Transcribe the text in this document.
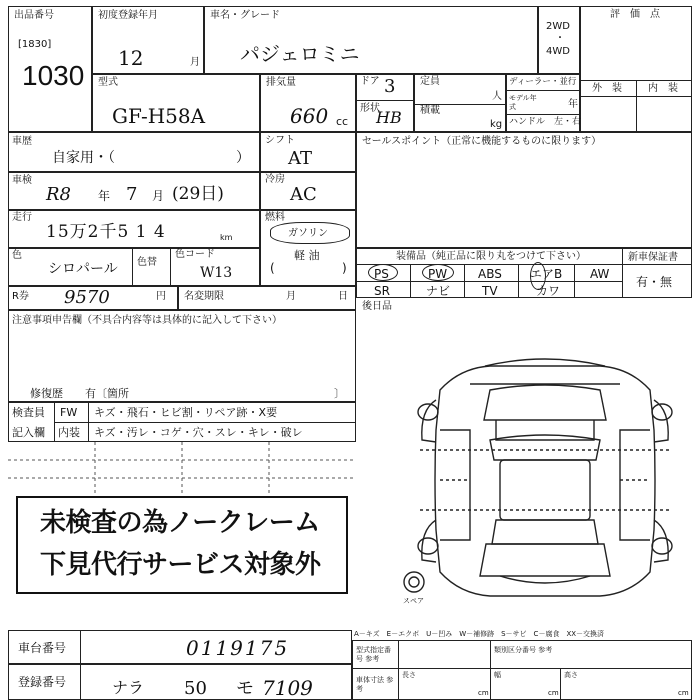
出品番号
[1830]
1030
初度登録年月
12	月
車名・グレード
パジェロミニ
2WD
・
4WD
評　価　点
外　装	内　装
型式
GF-H58A
排気量
660 cc
ドア 3
形状
HB
定員
人
積載
kg
ディーラー・並行
モデル年式	年
ハンドル　左・右
車歴
自家用・（	）
シフト
AT
車検
R8 年 7 月 (29日)
冷房
AC
走行
15万2千5 1 4	km
燃料
ガソリン
軽 油
(	)
色
シロパール 色替
色コード
W13
R券 9570	円 名変期限	月	日
セールスポイント（正常に機能するものに限ります）
装備品（純正品に限り丸をつけて下さい）	新車保証書
PS	PW	ABS エアB AW
SR	ナビ	TV	カワ
有・無
後日品
注意事項申告欄（不具合内容等は具体的に記入して下さい）
修復歴　　有〔箇所	〕
検査員
記入欄
FW キズ・飛石・ヒビ割・リペア跡・X要
内装 キズ・汚レ・コゲ・穴・スレ・キレ・破レ
未検査の為ノークレーム
下見代行サービス対象外
スペア
車台番号	0119175
登録番号	ナラ 50 モ 7109
A－キズ　E－エクボ　U－凹み　W－補修跡　S－サビ　C－腐食　XX－交換済
型式指定番号 参考
類別区分番号 参考
車体寸法 参考
長さ	幅	高さ
cm	cm	cm
